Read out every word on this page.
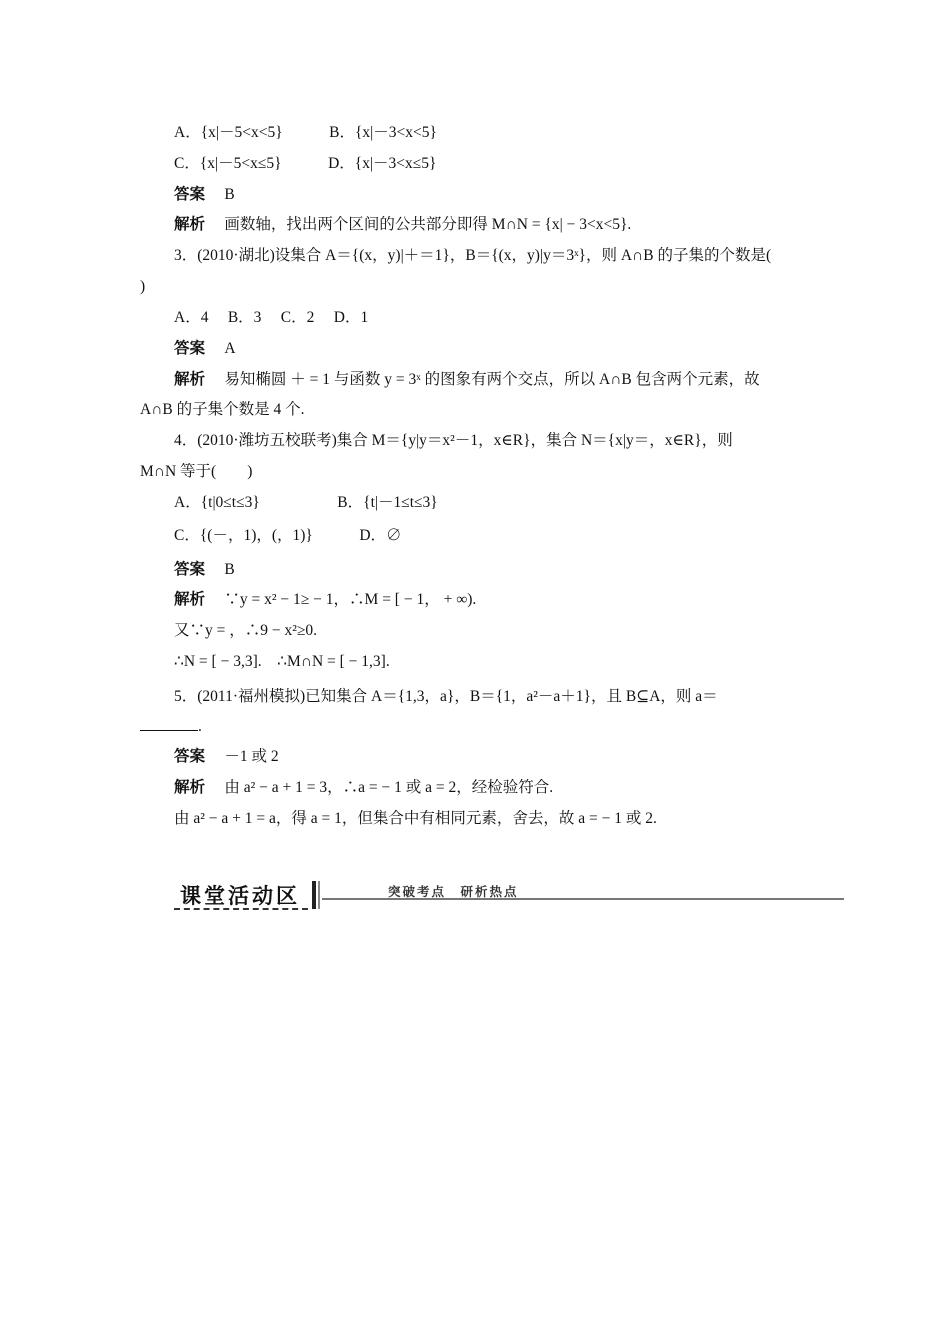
A．{x|－5<x<5}　　　B．{x|－3<x<5}
C．{x|－5<x≤5}　　　D．{x|－3<x≤5}
答案　 B
解析　 画数轴，找出两个区间的公共部分即得 M∩N = {x| − 3<x<5}.
3．(2010·湖北)设集合 A＝{(x，y)|＋＝1}，B＝{(x，y)|y＝3ˣ}，则 A∩B 的子集的个数是(
)
A．4　 B．3　 C．2　 D．1
答案　 A
解析　 易知椭圆 ＋ = 1 与函数 y = 3ˣ 的图象有两个交点，所以 A∩B 包含两个元素，故
A∩B 的子集个数是 4 个.
4．(2010·潍坊五校联考)集合 M＝{y|y＝x²－1，x∈R}，集合 N＝{x|y＝，x∈R}，则
M∩N 等于(　　)
A．{t|0≤t≤3}　　　　　B．{t|－1≤t≤3}
C．{(－，1)，(，1)}　　　D．∅
答案　 B
解析　 ∵y = x² − 1≥ − 1，∴M = [ − 1， + ∞).
又∵y = ，∴9 − x²≥0.
∴N = [ − 3,3].　∴M∩N = [ − 1,3].
5．(2011·福州模拟)已知集合 A＝{1,3，a}，B＝{1，a²－a＋1}，且 B⊆A，则 a＝
.
答案　 －1 或 2
解析　 由 a² − a + 1 = 3，∴a = − 1 或 a = 2，经检验符合.
由 a² − a + 1 = a，得 a = 1，但集合中有相同元素，舍去，故 a = − 1 或 2.
课堂活动区	突破考点　研析热点
